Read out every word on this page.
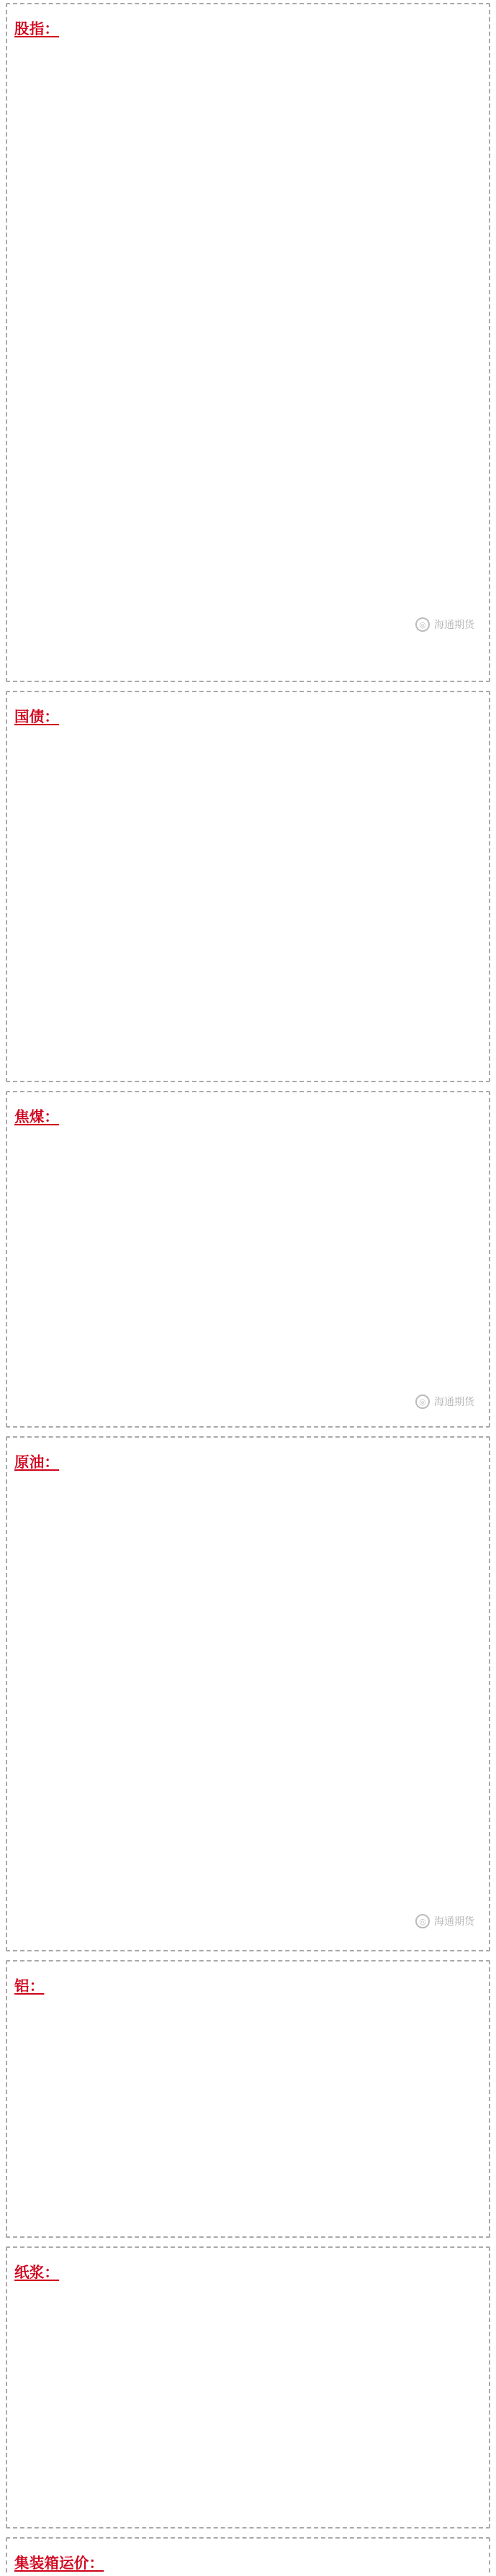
股指：
◎ 海通期货
国债：
焦煤：
◎ 海通期货
原油：
◎ 海通期货
铝：
纸浆：
集装箱运价：
